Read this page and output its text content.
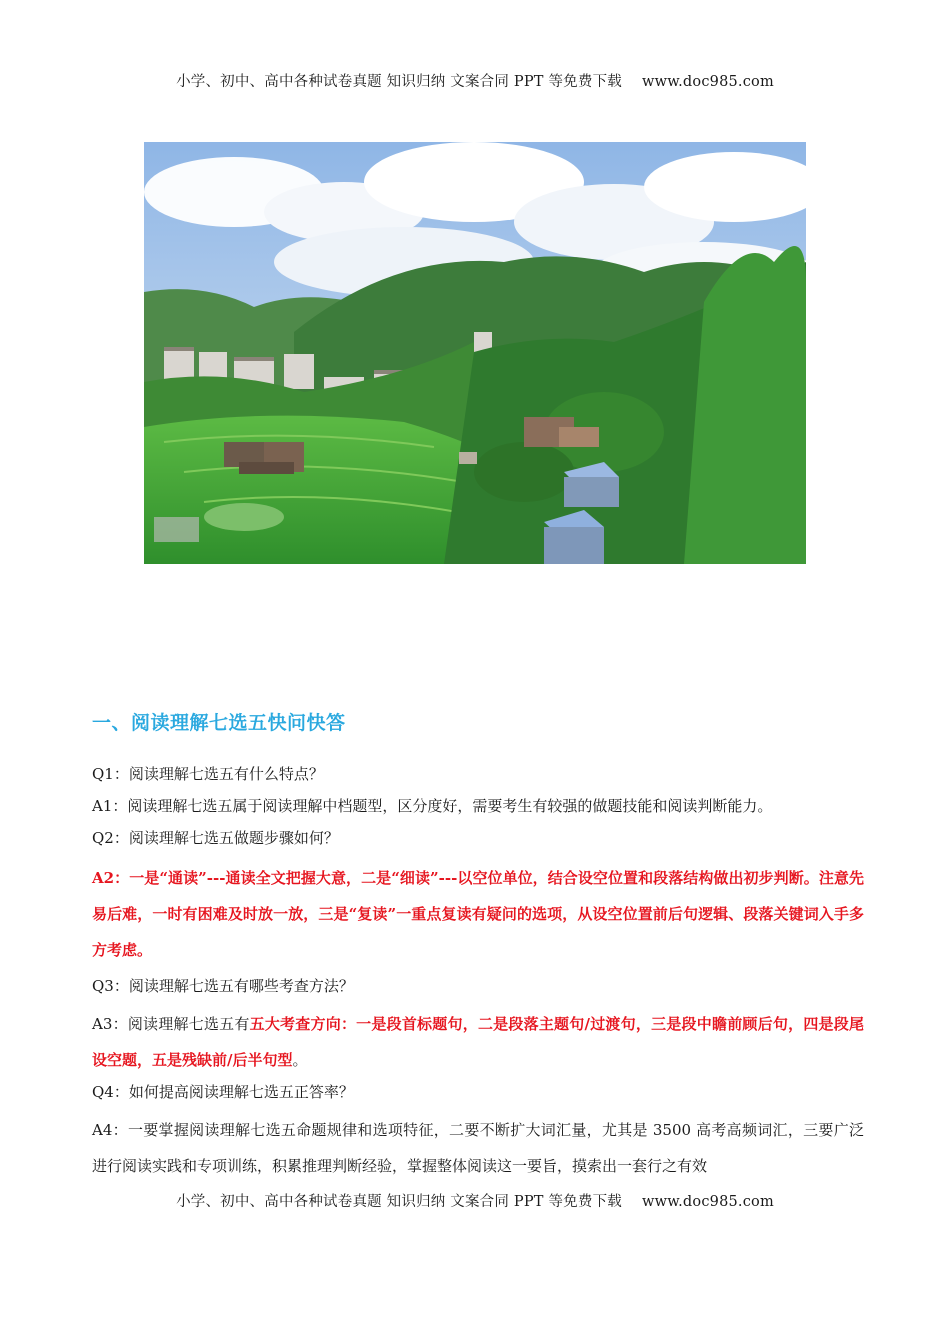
小学、初中、高中各种试卷真题 知识归纳 文案合同 PPT 等免费下载 www.doc985.com
一、阅读理解七选五快问快答
Q1：阅读理解七选五有什么特点？
A1：阅读理解七选五属于阅读理解中档题型，区分度好，需要考生有较强的做题技能和阅读判断能力。
Q2：阅读理解七选五做题步骤如何？
A2：一是“通读”---通读全文把握大意，二是“细读”---以空位单位，结合设空位置和段落结构做出初步判断。注意先易后难，一时有困难及时放一放，三是“复读”一重点复读有疑问的选项，从设空位置前后句逻辑、段落关键词入手多方考虑。
Q3：阅读理解七选五有哪些考查方法？
A3：阅读理解七选五有五大考查方向：一是段首标题句，二是段落主题句/过渡句，三是段中瞻前顾后句，四是段尾设空题，五是残缺前/后半句型。
Q4：如何提高阅读理解七选五正答率？
A4：一要掌握阅读理解七选五命题规律和选项特征，二要不断扩大词汇量，尤其是 3500 高考高频词汇，三要广泛进行阅读实践和专项训练，积累推理判断经验，掌握整体阅读这一要旨，摸索出一套行之有效
小学、初中、高中各种试卷真题 知识归纳 文案合同 PPT 等免费下载 www.doc985.com
